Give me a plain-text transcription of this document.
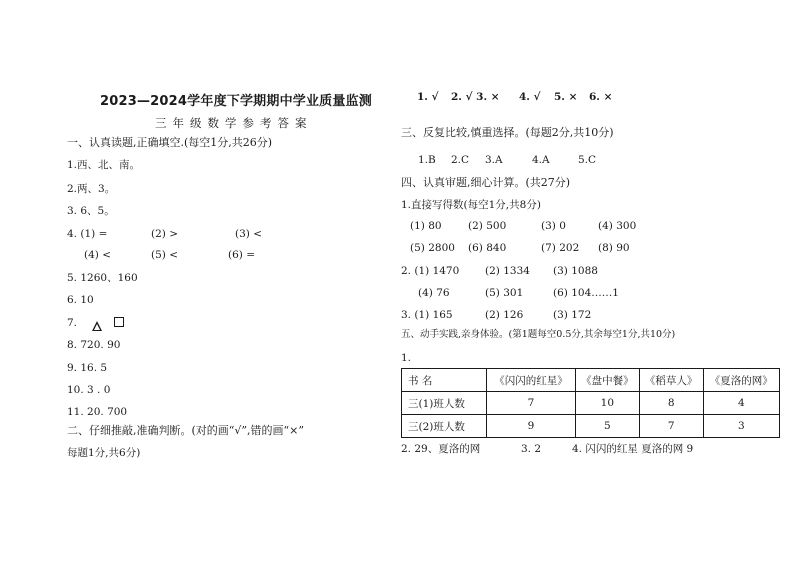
2023—2024学年度下学期期中学业质量监测
三年级数学参考答案
一、认真读题,正确填空.(每空1分,共26分)
1.西、北、南。
2.两、3。
3. 6、5。
4. (1) =	(2) >	(3) <
(4) <	(5) <	(6) =
5. 1260、160
6. 10
7.
8. 720. 90
9. 16. 5
10. 3 . 0
11. 20. 700
二、仔细推敲,准确判断。(对的画“√”,错的画“×”
每题1分,共6分)
1. √ 2. √ 3. × 4. √ 5. × 6. ×
三、反复比较,慎重选择。(每题2分,共10分)
1.B 2.C 3.A	4.A	5.C
四、认真审题,细心计算。(共27分)
1.直接写得数(每空1分,共8分)
(1) 80	(2) 500	(3) 0	(4) 300
(5) 2800 (6) 840	(7) 202 (8) 90
2. (1) 1470 (2) 1334 (3) 1088
(4) 76	(5) 301	(6) 104……1
3. (1) 165	(2) 126	(3) 172
五、动手实践,亲身体验。(第1题每空0.5分,其余每空1分,共10分)
1.
书 名	《闪闪的红星》	《盘中餐》	《稻草人》	《夏洛的网》
三(1)班人数	7	10	8	4
三(2)班人数	9	5	7	3
2. 29、夏洛的网	3. 2	4. 闪闪的红星 夏洛的网 9
